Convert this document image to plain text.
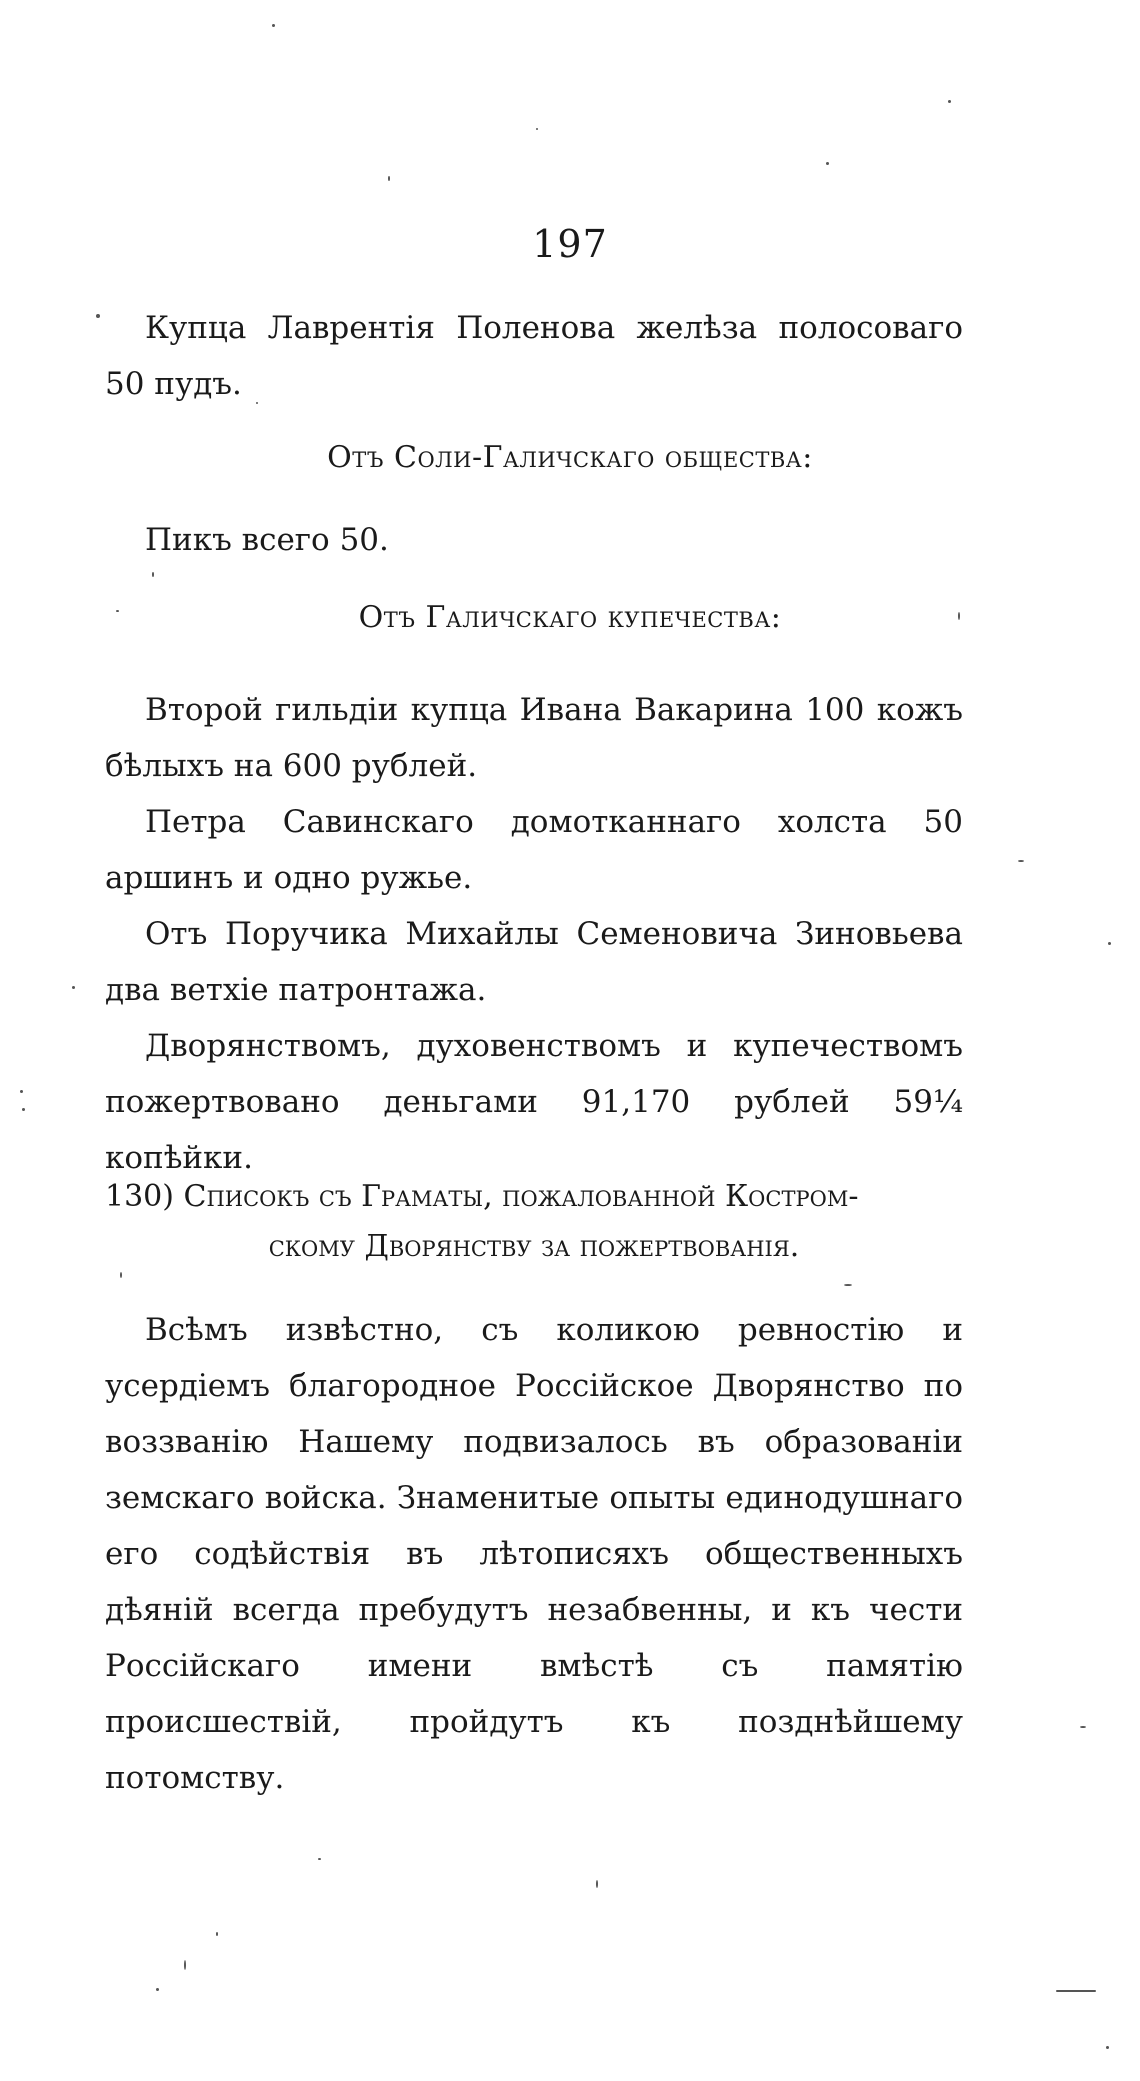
197

Купца Лаврентія Поленова желѣза полосоваго 50 пудъ.

Отъ Соли-Галичскаго общества:

Пикъ всего 50.

Отъ Галичскаго купечества:

Второй гильдіи купца Ивана Вакарина 100 кожъ бѣлыхъ на 600 рублей.

Петра Савинскаго домотканнаго холста 50 аршинъ и одно ружье.

Отъ Поручика Михайлы Семеновича Зиновьева два ветхіе патронтажа.

Дворянствомъ, духовенствомъ и купечествомъ пожертвовано деньгами 91,170 рублей 59¼ копѣйки.

130) Списокъ съ Граматы, пожалованной Костром-
скому Дворянству за пожертвованія.

Всѣмъ извѣстно, съ коликою ревностію и усердіемъ благородное Россійское Дворянство по воззванію Нашему подвизалось въ образованіи земскаго войска. Знаменитые опыты единодушнаго его содѣйствія въ лѣтописяхъ общественныхъ дѣяній всегда пребудутъ незабвенны, и къ чести Россійскаго имени вмѣстѣ съ памятію происшествій, пройдутъ къ позднѣйшему потомству.
